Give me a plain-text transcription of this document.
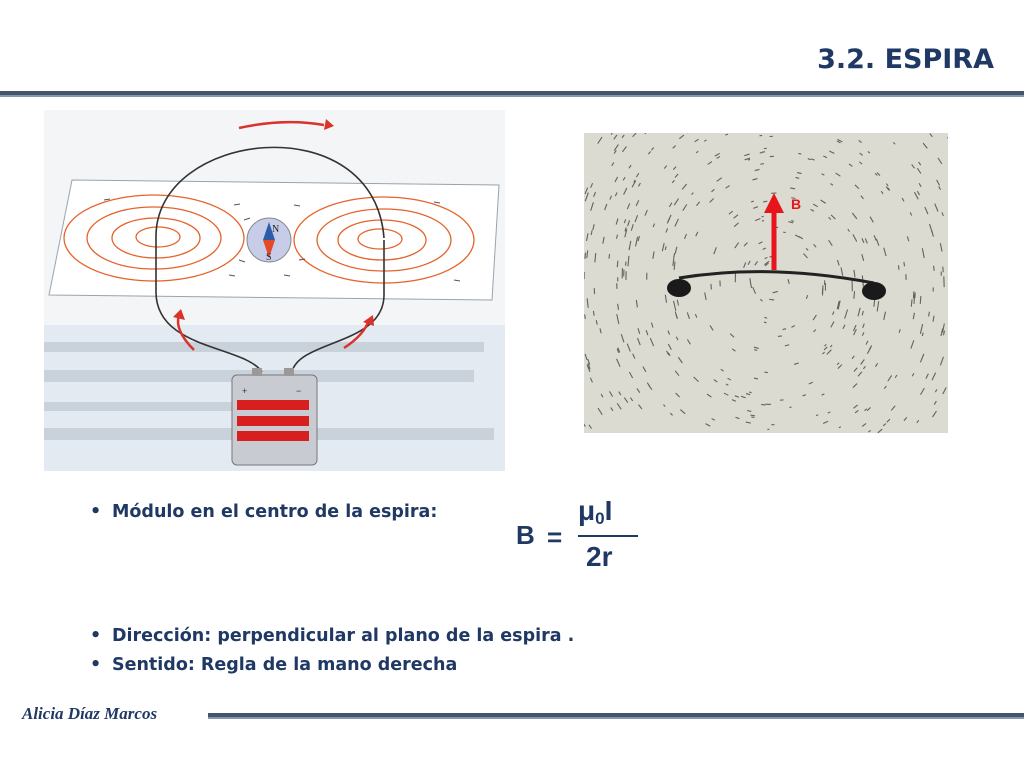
3.2. ESPIRA
N
S
+	−
B
• Módulo en el centro de la espira:
• Dirección: perpendicular al plano de la espira .
• Sentido: Regla de la mano derecha
B =
$\mu_0I$
2r
Alicia Díaz Marcos
